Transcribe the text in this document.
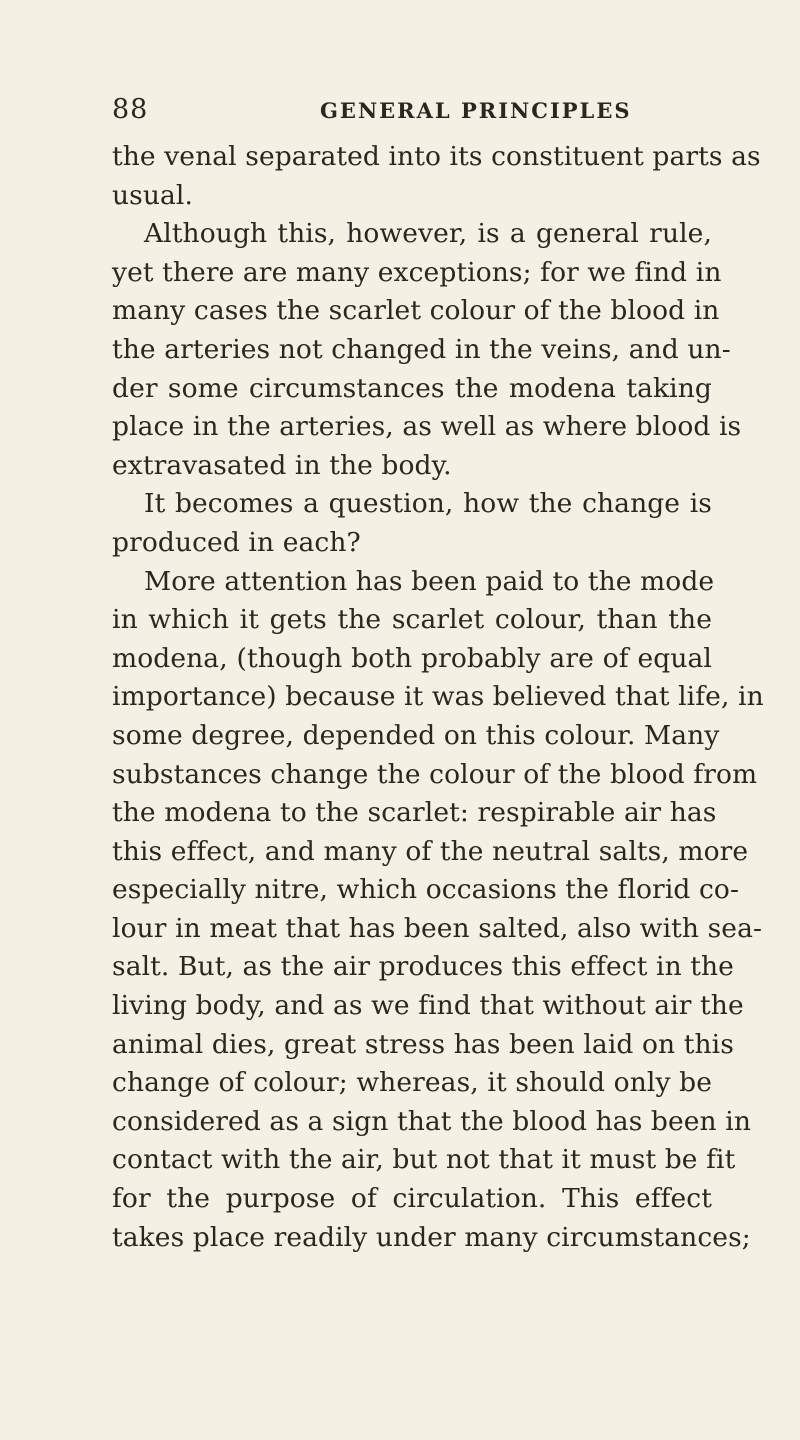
88	GENERAL PRINCIPLES
the venal separated into its constituent parts as
usual.
Although this, however, is a general rule,
yet there are many exceptions; for we find in
many cases the scarlet colour of the blood in
the arteries not changed in the veins, and un-
der some circumstances the modena taking
place in the arteries, as well as where blood is
extravasated in the body.
It becomes a question, how the change is
produced in each?
More attention has been paid to the mode
in which it gets the scarlet colour, than the
modena, (though both probably are of equal
importance) because it was believed that life, in
some degree, depended on this colour. Many
substances change the colour of the blood from
the modena to the scarlet: respirable air has
this effect, and many of the neutral salts, more
especially nitre, which occasions the florid co-
lour in meat that has been salted, also with sea-
salt. But, as the air produces this effect in the
living body, and as we find that without air the
animal dies, great stress has been laid on this
change of colour; whereas, it should only be
considered as a sign that the blood has been in
contact with the air, but not that it must be fit
for the purpose of circulation. This effect
takes place readily under many circumstances;
